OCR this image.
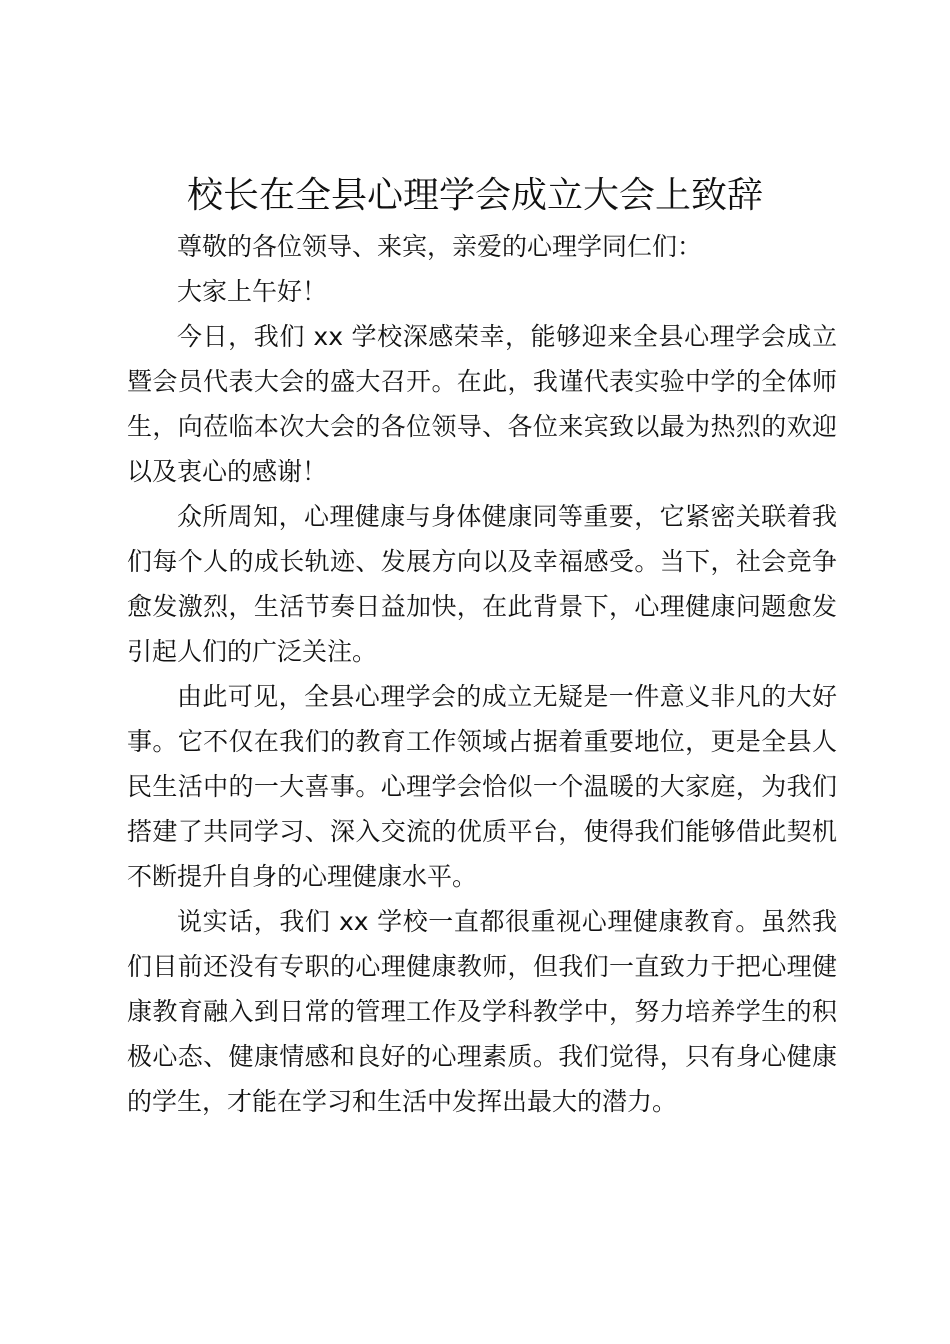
校长在全县心理学会成立大会上致辞

尊敬的各位领导、来宾，亲爱的心理学同仁们：

大家上午好！

今日，我们 xx 学校深感荣幸，能够迎来全县心理学会成立暨会员代表大会的盛大召开。在此，我谨代表实验中学的全体师生，向莅临本次大会的各位领导、各位来宾致以最为热烈的欢迎以及衷心的感谢！

众所周知，心理健康与身体健康同等重要，它紧密关联着我们每个人的成长轨迹、发展方向以及幸福感受。当下，社会竞争愈发激烈，生活节奏日益加快，在此背景下，心理健康问题愈发引起人们的广泛关注。

由此可见，全县心理学会的成立无疑是一件意义非凡的大好事。它不仅在我们的教育工作领域占据着重要地位，更是全县人民生活中的一大喜事。心理学会恰似一个温暖的大家庭，为我们搭建了共同学习、深入交流的优质平台，使得我们能够借此契机不断提升自身的心理健康水平。

说实话，我们 xx 学校一直都很重视心理健康教育。虽然我们目前还没有专职的心理健康教师，但我们一直致力于把心理健康教育融入到日常的管理工作及学科教学中，努力培养学生的积极心态、健康情感和良好的心理素质。我们觉得，只有身心健康的学生，才能在学习和生活中发挥出最大的潜力。
